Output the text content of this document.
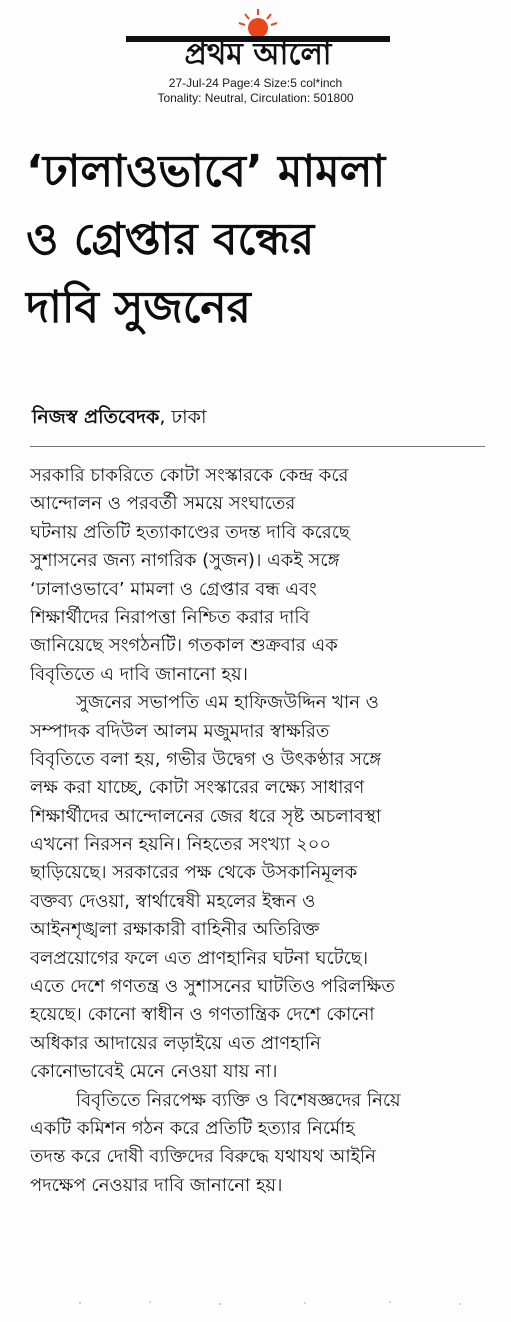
প্রথম আলো
27-Jul-24 Page:4 Size:5 col*inch
Tonality: Neutral, Circulation: 501800
‘ঢালাওভাবে’ মামলা
ও গ্রেপ্তার বন্ধের
দাবি সুজনের
নিজস্ব প্রতিবেদক, ঢাকা
সরকারি চাকরিতে কোটা সংস্কারকে কেন্দ্র করে
আন্দোলন ও পরবর্তী সময়ে সংঘাতের
ঘটনায় প্রতিটি হত্যাকাণ্ডের তদন্ত দাবি করেছে
সুশাসনের জন্য নাগরিক (সুজন)। একই সঙ্গে
‘ঢালাওভাবে’ মামলা ও গ্রেপ্তার বন্ধ এবং
শিক্ষার্থীদের নিরাপত্তা নিশ্চিত করার দাবি
জানিয়েছে সংগঠনটি। গতকাল শুক্রবার এক
বিবৃতিতে এ দাবি জানানো হয়।
সুজনের সভাপতি এম হাফিজউদ্দিন খান ও
সম্পাদক বদিউল আলম মজুমদার স্বাক্ষরিত
বিবৃতিতে বলা হয়, গভীর উদ্বেগ ও উৎকণ্ঠার সঙ্গে
লক্ষ করা যাচ্ছে, কোটা সংস্কারের লক্ষ্যে সাধারণ
শিক্ষার্থীদের আন্দোলনের জের ধরে সৃষ্ট অচলাবস্থা
এখনো নিরসন হয়নি। নিহতের সংখ্যা ২০০
ছাড়িয়েছে। সরকারের পক্ষ থেকে উসকানিমূলক
বক্তব্য দেওয়া, স্বার্থান্বেষী মহলের ইন্ধন ও
আইনশৃঙ্খলা রক্ষাকারী বাহিনীর অতিরিক্ত
বলপ্রয়োগের ফলে এত প্রাণহানির ঘটনা ঘটেছে।
এতে দেশে গণতন্ত্র ও সুশাসনের ঘাটতিও পরিলক্ষিত
হয়েছে। কোনো স্বাধীন ও গণতান্ত্রিক দেশে কোনো
অধিকার আদায়ের লড়াইয়ে এত প্রাণহানি
কোনোভাবেই মেনে নেওয়া যায় না।
বিবৃতিতে নিরপেক্ষ ব্যক্তি ও বিশেষজ্ঞদের নিয়ে
একটি কমিশন গঠন করে প্রতিটি হত্যার নির্মোহ
তদন্ত করে দোষী ব্যক্তিদের বিরুদ্ধে যথাযথ আইনি
পদক্ষেপ নেওয়ার দাবি জানানো হয়।
